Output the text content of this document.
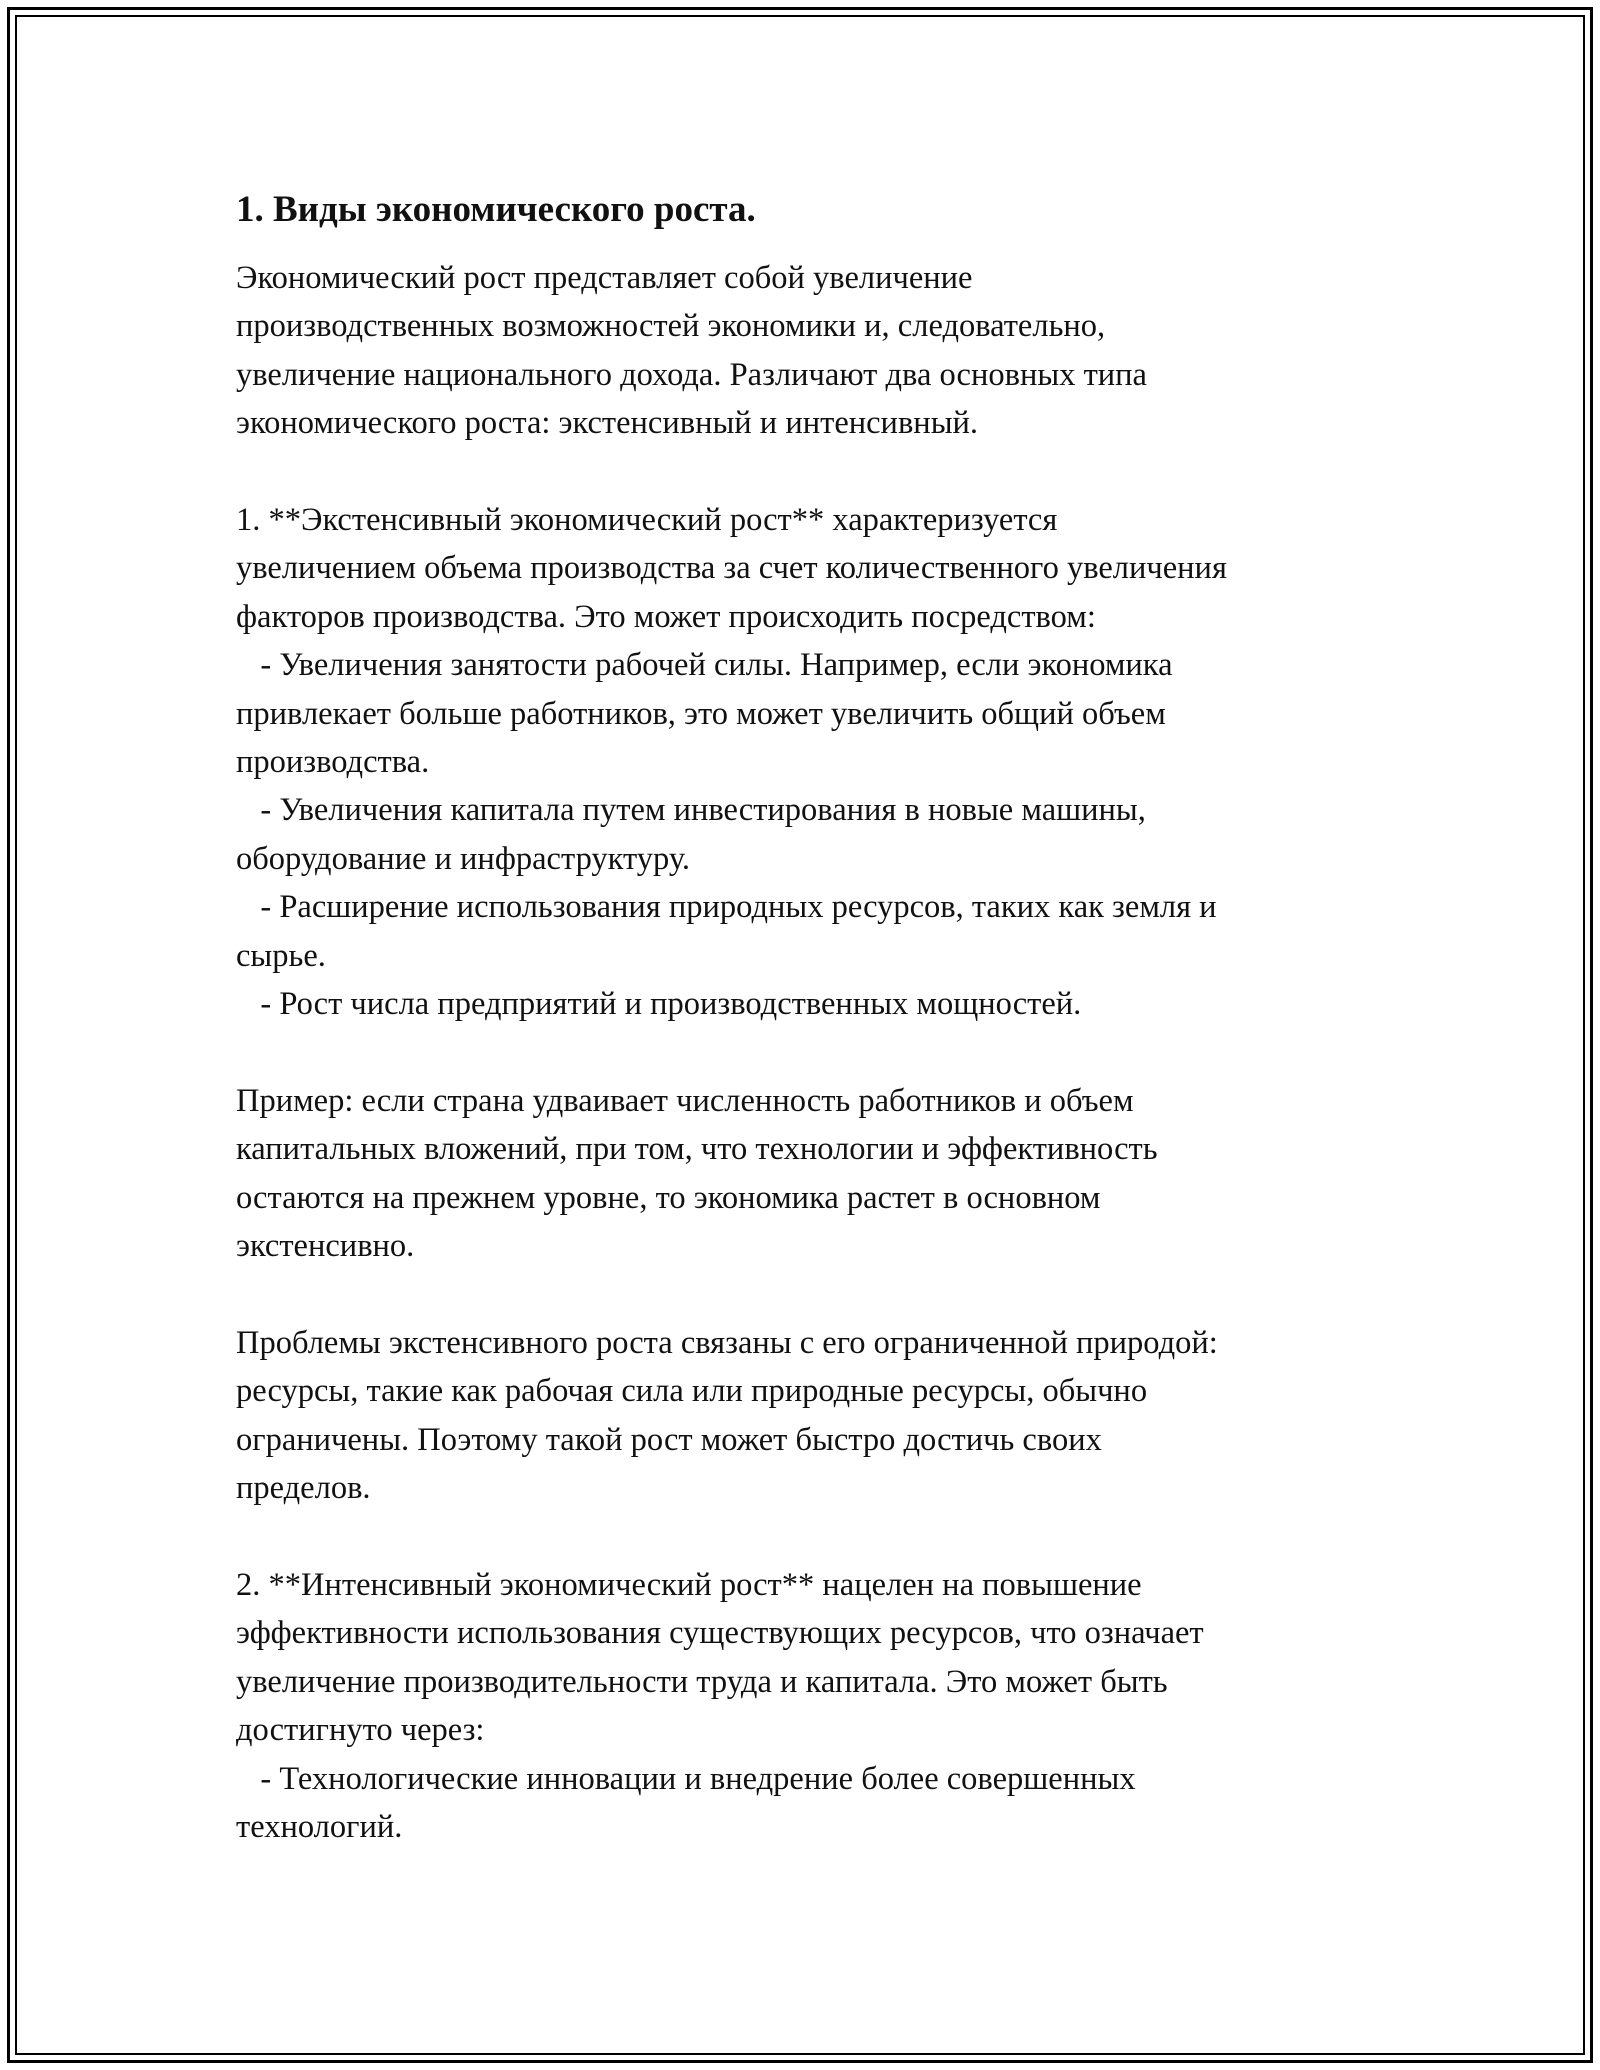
1. Виды экономического роста.
Экономический рост представляет собой увеличение
производственных возможностей экономики и, следовательно,
увеличение национального дохода. Различают два основных типа
экономического роста: экстенсивный и интенсивный.

1. **Экстенсивный экономический рост** характеризуется
увеличением объема производства за счет количественного увеличения
факторов производства. Это может происходить посредством:
- Увеличения занятости рабочей силы. Например, если экономика
привлекает больше работников, это может увеличить общий объем
производства.
- Увеличения капитала путем инвестирования в новые машины,
оборудование и инфраструктуру.
- Расширение использования природных ресурсов, таких как земля и
сырье.
- Рост числа предприятий и производственных мощностей.

Пример: если страна удваивает численность работников и объем
капитальных вложений, при том, что технологии и эффективность
остаются на прежнем уровне, то экономика растет в основном
экстенсивно.

Проблемы экстенсивного роста связаны с его ограниченной природой:
ресурсы, такие как рабочая сила или природные ресурсы, обычно
ограничены. Поэтому такой рост может быстро достичь своих
пределов.

2. **Интенсивный экономический рост** нацелен на повышение
эффективности использования существующих ресурсов, что означает
увеличение производительности труда и капитала. Это может быть
достигнуто через:
- Технологические инновации и внедрение более совершенных
технологий.
